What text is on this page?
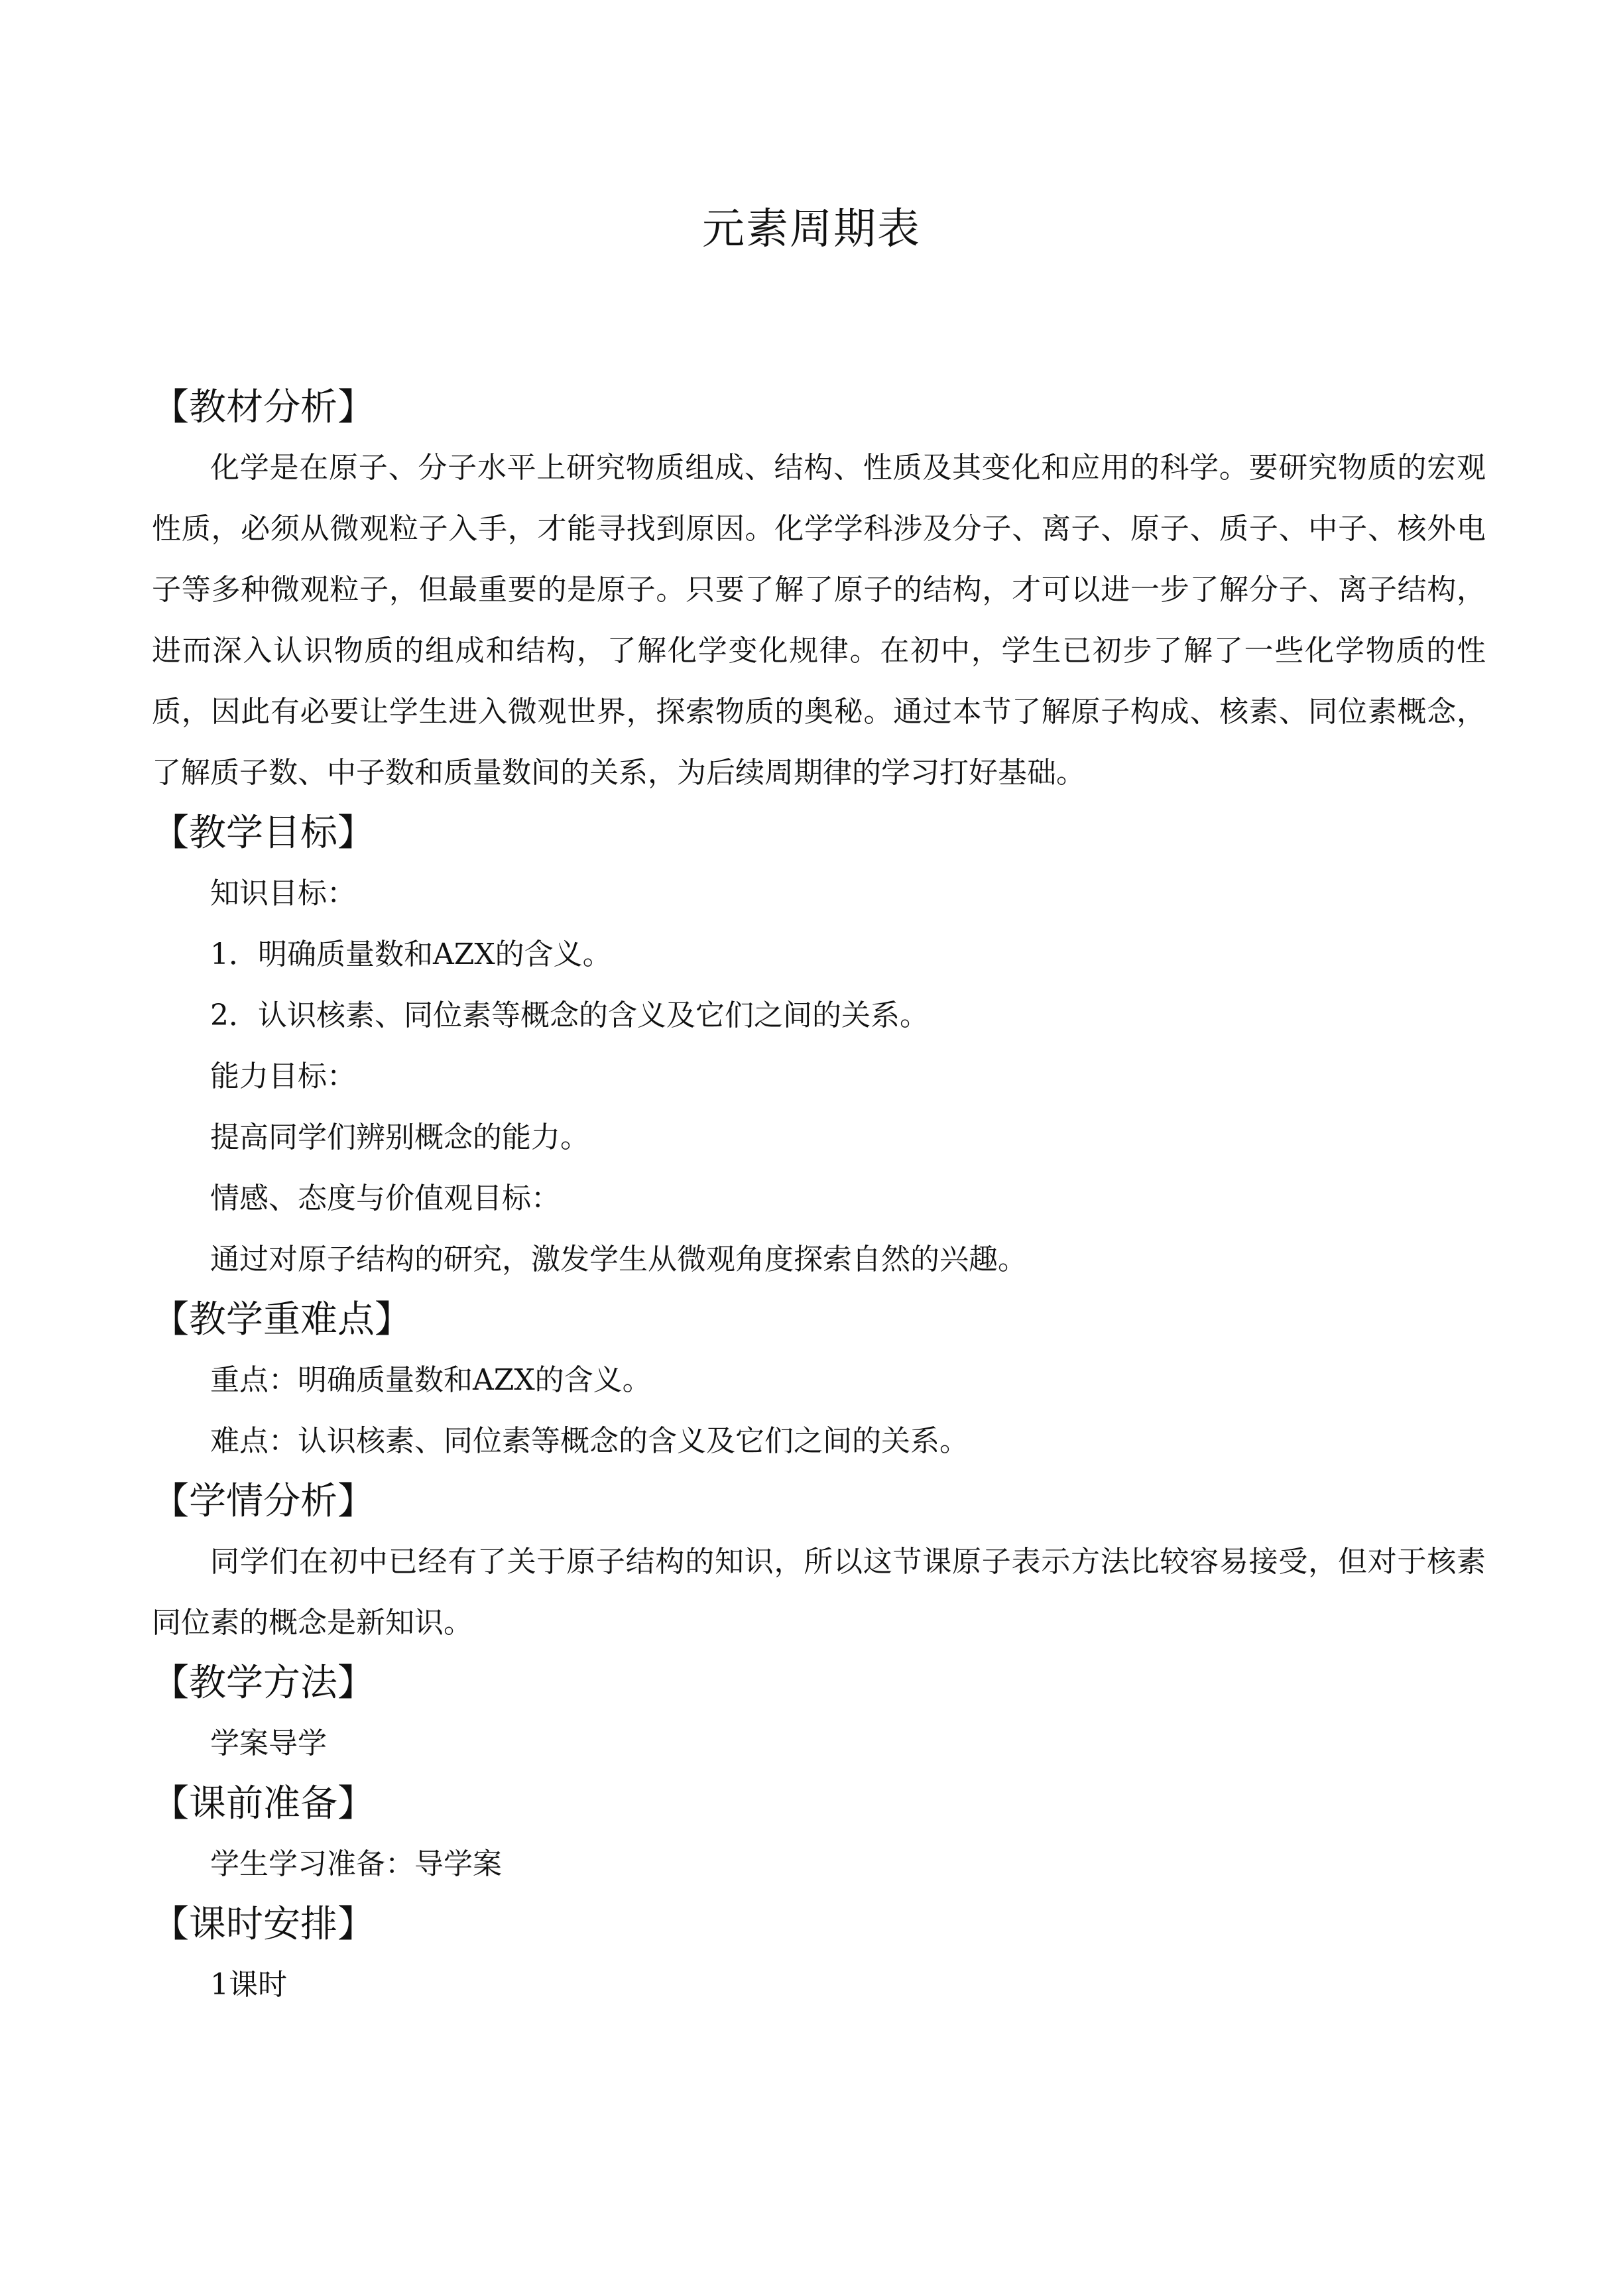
元素周期表
【教材分析】

化学是在原子、分子水平上研究物质组成、结构、性质及其变化和应用的科学。要研究物质的宏观性质，必须从微观粒子入手，才能寻找到原因。化学学科涉及分子、离子、原子、质子、中子、核外电子等多种微观粒子，但最重要的是原子。只要了解了原子的结构，才可以进一步了解分子、离子结构，进而深入认识物质的组成和结构，了解化学变化规律。在初中，学生已初步了解了一些化学物质的性质，因此有必要让学生进入微观世界，探索物质的奥秘。通过本节了解原子构成、核素、同位素概念，了解质子数、中子数和质量数间的关系，为后续周期律的学习打好基础。

【教学目标】
知识目标：
1．明确质量数和AZX的含义。
2．认识核素、同位素等概念的含义及它们之间的关系。
能力目标：
提高同学们辨别概念的能力。
情感、态度与价值观目标：
通过对原子结构的研究，激发学生从微观角度探索自然的兴趣。
【教学重难点】
重点：明确质量数和AZX的含义。
难点：认识核素、同位素等概念的含义及它们之间的关系。
【学情分析】

同学们在初中已经有了关于原子结构的知识，所以这节课原子表示方法比较容易接受，但对于核素同位素的概念是新知识。

【教学方法】
学案导学
【课前准备】
学生学习准备：导学案
【课时安排】
1课时
